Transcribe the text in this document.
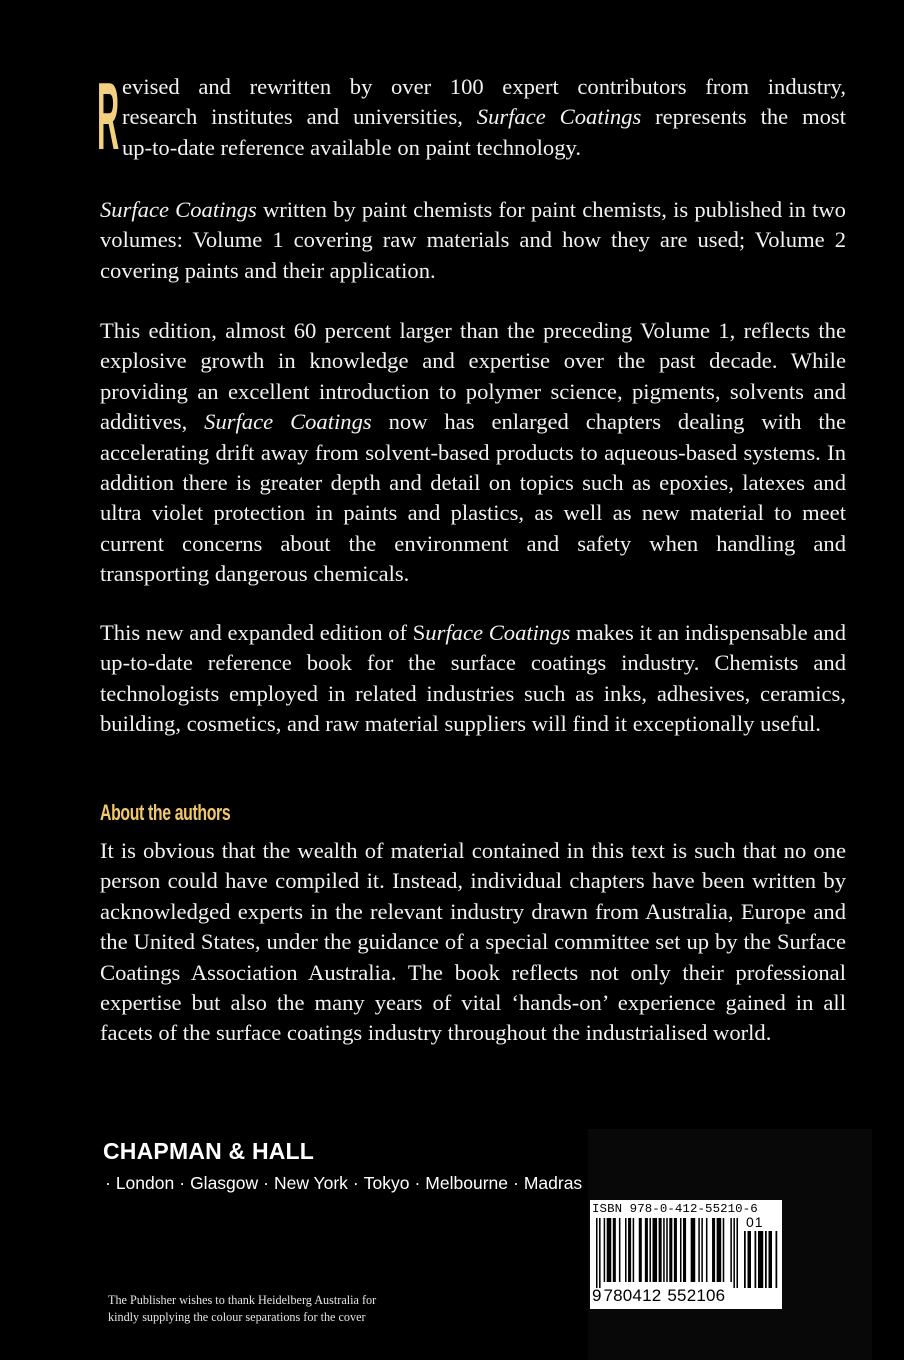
R evised and rewritten by over 100 expert contributors from industry,
research institutes and universities, Surface Coatings represents the most
up-to-date reference available on paint technology.

Surface Coatings written by paint chemists for paint chemists, is published in two volumes: Volume 1 covering raw materials and how they are used; Volume 2 covering paints and their application.

This edition, almost 60 percent larger than the preceding Volume 1, reflects the explosive growth in knowledge and expertise over the past decade. While providing an excellent introduction to polymer science, pigments, solvents and additives, Surface Coatings now has enlarged chapters dealing with the accelerating drift away from solvent-based products to aqueous-based systems. In addition there is greater depth and detail on topics such as epoxies, latexes and ultra violet protection in paints and plastics, as well as new material to meet current concerns about the environment and safety when handling and transporting dangerous chemicals.

This new and expanded edition of Surface Coatings makes it an indispensable and up-to-date reference book for the surface coatings industry. Chemists and technologists employed in related industries such as inks, adhesives, ceramics, building, cosmetics, and raw material suppliers will find it exceptionally useful.

About the authors

It is obvious that the wealth of material contained in this text is such that no one person could have compiled it. Instead, individual chapters have been written by acknowledged experts in the relevant industry drawn from Australia, Europe and the United States, under the guidance of a special committee set up by the Surface Coatings Association Australia. The book reflects not only their professional expertise but also the many years of vital ‘hands-on’ experience gained in all facets of the surface coatings industry throughout the industrialised world.

CHAPMAN & HALL

· London · Glasgow · New York · Tokyo · Melbourne · Madras

The Publisher wishes to thank Heidelberg Australia for
kindly supplying the colour separations for the cover

ISBN 978-0-412-55210-6

01

9 780412 552106
